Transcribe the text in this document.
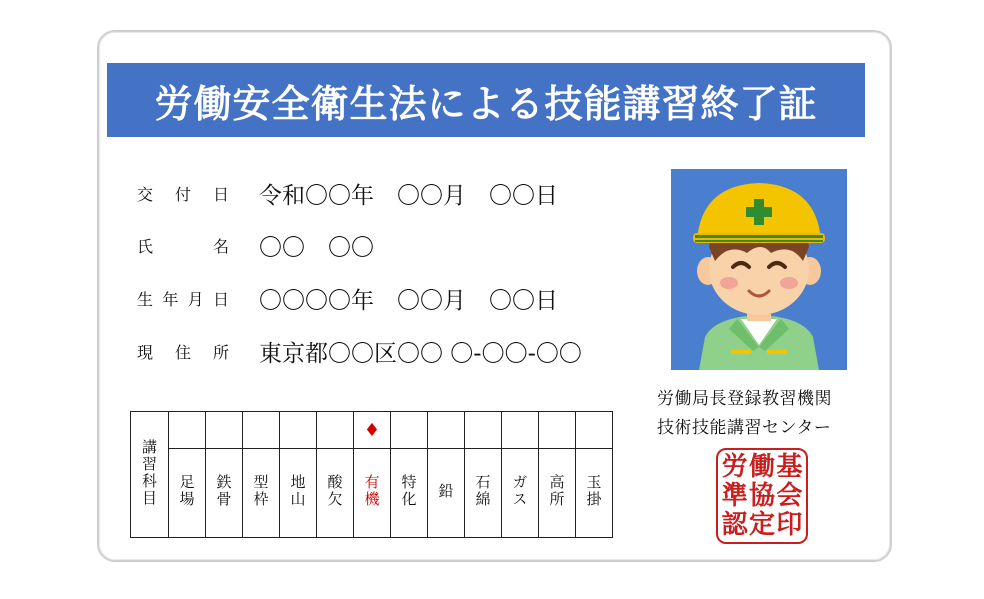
労働安全衛生法による技能講習終了証
交 付 日 令和〇〇年　〇〇月　〇〇日
氏	名 〇〇　〇〇
生 年 月 日 〇〇〇〇年　〇〇月　〇〇日
現 住 所 東京都〇〇区〇〇 〇-〇〇-〇〇
講習科目						♦						
	足場	鉄骨	型枠	地山	酸欠	有機	特化	鉛	石綿	ガス	高所	玉掛
労働局長登録教習機関
技術技能講習センター
労 働 基
準 協 会
認 定 印
